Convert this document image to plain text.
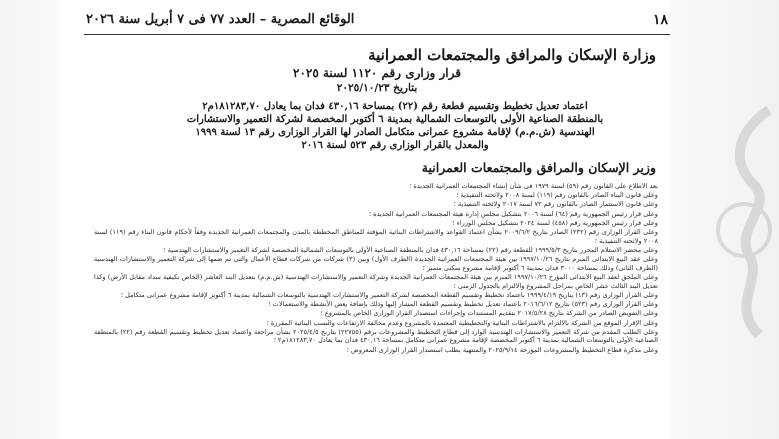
١٨
الوقائع المصرية – العدد ٧٧ فى ٧ أبريل سنة ٢٠٢٦
وزارة الإسكان والمرافق والمجتمعات العمرانية
قرار وزارى رقم ١١٢٠ لسنة ٢٠٢٥
بتاريخ ٢٠٢٥/١٠/٢٣
اعتماد تعديل تخطيط وتقسيم قطعة رقم (٢٢) بمساحة ٤٣٠,١٦ فدان بما يعادل ١٨١٢٨٣,٧٠م٢
بالمنطقة الصناعية الأولى بالتوسعات الشمالية بمدينة ٦ أكتوبر المخصصة لشركة التعمير والاستشارات
الهندسية (ش.م.م) لإقامة مشروع عمرانى متكامل الصادر لها القرار الوزارى رقم ١٣ لسنة ١٩٩٩
والمعدل بالقرار الوزارى رقم ٥٢٣ لسنة ٢٠١٦
وزير الإسكان والمرافق والمجتمعات العمرانية

بعد الاطلاع على القانون رقم (٥٩) لسنة ١٩٧٩ فى شأن إنشاء المجتمعات العمرانية الجديدة ؛

وعلى قانون البناء الصادر بالقانون رقم (١١٩) لسنة ٢٠٠٨ ولائحته التنفيذية ؛

وعلى قانون الاستثمار الصادر بالقانون رقم ٧٢ لسنة ٢٠١٧ ولائحته التنفيذية ؛

وعلى قرار رئيس الجمهورية رقم (٦٤) لسنة ٢٠٠٦ بتشكيل مجلس إدارة هيئة المجتمعات العمرانية الجديدة ؛

وعلى قرار رئيس الجمهورية رقم (٤٥٨) لسنة ٢٠٢٤ بتشكيل مجلس الوزراء ؛

وعلى القرار الوزارى رقم (٢٣٢) الصادر بتاريخ ٢٠٠٩/٦/٢ بشأن اعتماد القواعد والاشتراطات البنائية المؤقتة للمناطق المخططة بالمدن والمجتمعات العمرانية الجديدة وفقاً لأحكام قانون البناء رقم (١١٩) لسنة ٢٠٠٨ ولائحته التنفيذية ؛

وعلى محضر الاستلام المحرر بتاريخ ١٩٩٩/٥/٣ للقطعة رقم (٢٢) بمساحة ٤٣٠,١٦ فدان بالمنطقة الصناعية الأولى بالتوسعات الشمالية المخصصة لشركة التعمير والاستشارات الهندسية ؛

وعلى عقد البيع الابتدائى المبرم بتاريخ ١٩٩٧/١٠/٢٦ بين هيئة المجتمعات العمرانية الجديدة (الطرف الأول) وبين (٣) شركات من شركات قطاع الأعمال والتى تم ضمها إلى شركة التعمير والاستشارات الهندسية (الطرف الثانى) وذلك بمساحة ٣٠٠٠ فدان بمدينة ٦ أكتوبر لإقامة مشروع سكنى متميز ؛

وعلى الملحق لعقد البيع الابتدائى المؤرخ ١٩٩٧/١٠/٢٦ المبرم بين هيئة المجتمعات العمرانية الجديدة وشركة التعمير والاستشارات الهندسية (ش.م.م) بتعديل البند العاشر (الخاص بكيفية سداد مقابل الأرض) وكذا تعديل البند الثالث عشر الخاص بمراحل المشروع والالتزام بالجدول الزمنى ؛

وعلى القرار الوزارى رقم (١٣) بتاريخ ١٩٩٩/٤/١٩ باعتماد تخطيط وتقسيم القطعة المخصصة لشركة التعمير والاستشارات الهندسية بالتوسعات الشمالية بمدينة ٦ أكتوبر لإقامة مشروع عمرانى متكامل ؛

وعلى القرار الوزارى رقم (٥٢٣) بتاريخ ٢٠١٦/٦/١٢ باعتماد تعديل تخطيط وتقسيم القطعة المشار إليها وذلك بإضافة بعض الأنشطة والاستعمالات ؛

وعلى التفويض الصادر من الشركة بتاريخ ٢٠١٧/٥/٢٨ بتقديم المستندات وإجراءات استصدار القرار الوزارى الخاص بالمشروع ؛

وعلى الإقرار الموقع من الشركة بالالتزام بالاشتراطات البنائية والتخطيطية المعتمدة بالمشروع وعدم مخالفة الارتفاعات والنسب البنائية المقررة ؛

وعلى الطلب المقدم من شركة التعمير والاستشارات الهندسية الوارد إلى قطاع التخطيط والمشروعات برقم (٢٢٧٥٥) بتاريخ ٢٠٢٥/٤/٥ بشأن مراجعة واعتماد تعديل تخطيط وتقسيم القطعة رقم (٢٢) بالمنطقة الصناعية الأولى بالتوسعات الشمالية بمدينة ٦ أكتوبر المخصصة لإقامة مشروع عمرانى متكامل بمساحة ٤٣٠,١٦ فدان بما يعادل ١٨١٢٨٣,٧٠م٢ ؛

وعلى مذكرة قطاع التخطيط والمشروعات المؤرخة ٢٠٢٥/٩/١٤ والمنتهية بطلب استصدار القرار الوزارى المعروض ؛
